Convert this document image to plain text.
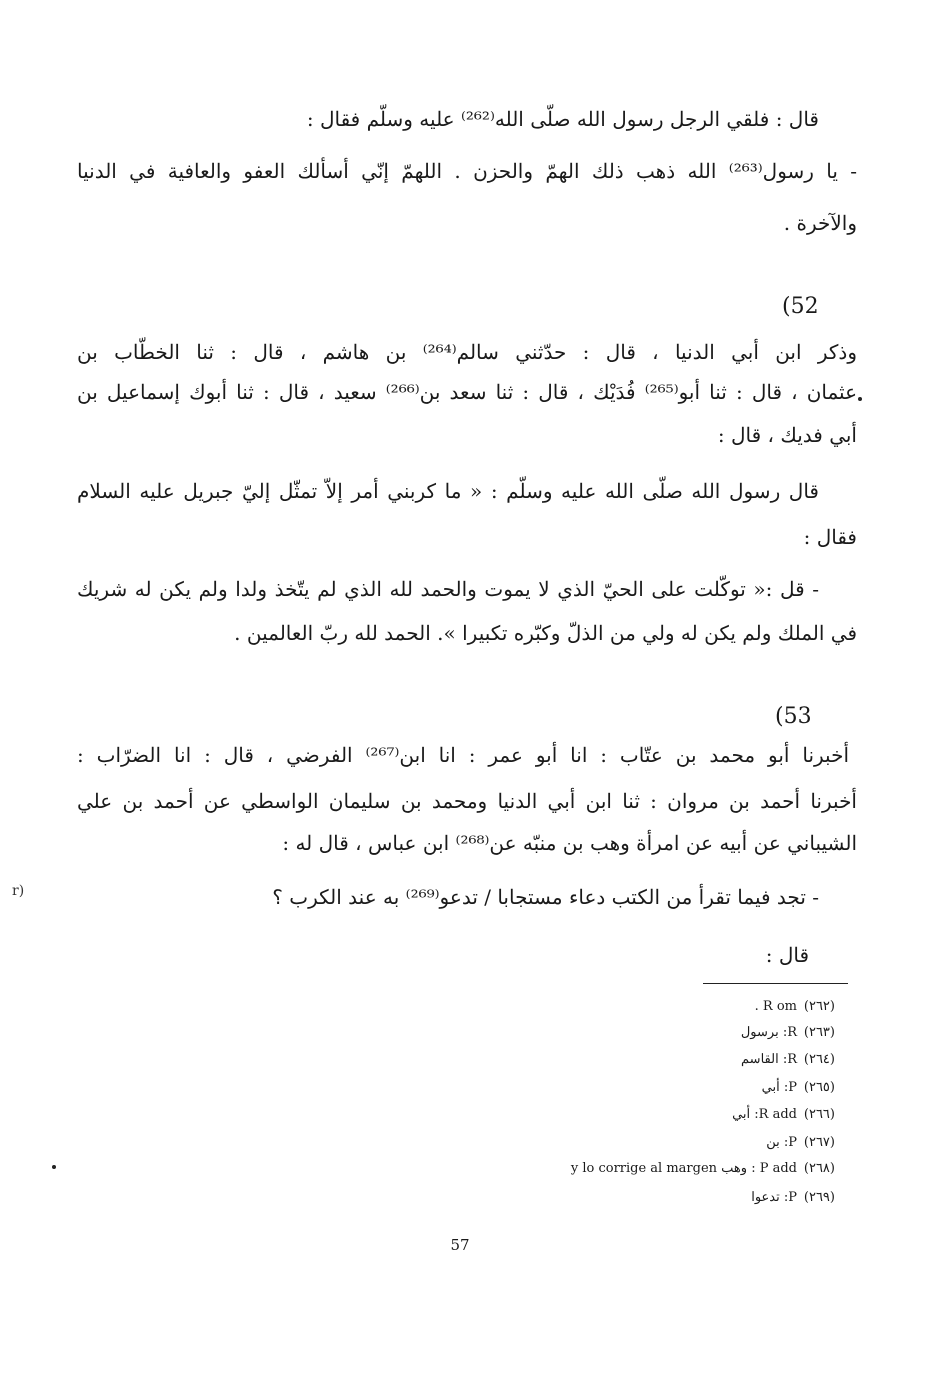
قال : فلقي الرجل رسول الله صلّى الله⁽²⁶²⁾ عليه وسلّم فقال :

- يا رسول⁽²⁶³⁾ الله ذهب ذلك الهمّ والحزن . اللهمّ إنّي أسألك العفو والعافية في الدنيا

والآخرة .

(52

وذكر ابن أبي الدنيا ، قال : حدّثني سالم⁽²⁶⁴⁾ بن هاشم ، قال : ثنا الخطّاب بن

عثمان ، قال : ثنا أبو⁽²⁶⁵⁾ فُدَيْك ، قال : ثنا سعد بن⁽²⁶⁶⁾ سعيد ، قال : ثنا أبوك إسماعيل بن

أبي فديك ، قال :

قال رسول الله صلّى الله عليه وسلّم : « ما كربني أمر إلاّ تمثّل إليّ جبريل عليه السلام

فقال :

- قل :« توكّلت على الحيّ الذي لا يموت والحمد لله الذي لم يتّخذ ولدا ولم يكن له شريك

في الملك ولم يكن له ولي من الذلّ وكبّره تكبيرا ». الحمد لله ربّ العالمين .

(53

أخبرنا أبو محمد بن عتّاب : انا أبو عمر : انا ابن⁽²⁶⁷⁾ الفرضي ، قال : انا الضرّاب :

أخبرنا أحمد بن مروان : ثنا ابن أبي الدنيا ومحمد بن سليمان الواسطي عن أحمد بن علي

الشيباني عن أبيه عن امرأة وهب بن منبّه عن⁽²⁶⁸⁾ ابن عباس ، قال له :

- تجد فيما تقرأ من الكتب دعاء مستجابا / تدعو⁽²⁶⁹⁾ به عند الكرب ؟

قال :

R om . (٢٦٢)
R: برسول (٢٦٣)
R: القاسم (٢٦٤)
P: أبي (٢٦٥)
R add: أبي (٢٦٦)
P: بن (٢٦٧)
P add : وهب y lo corrige al margen (٢٦٨)
P: تدعوا (٢٦٩)
57
r)
